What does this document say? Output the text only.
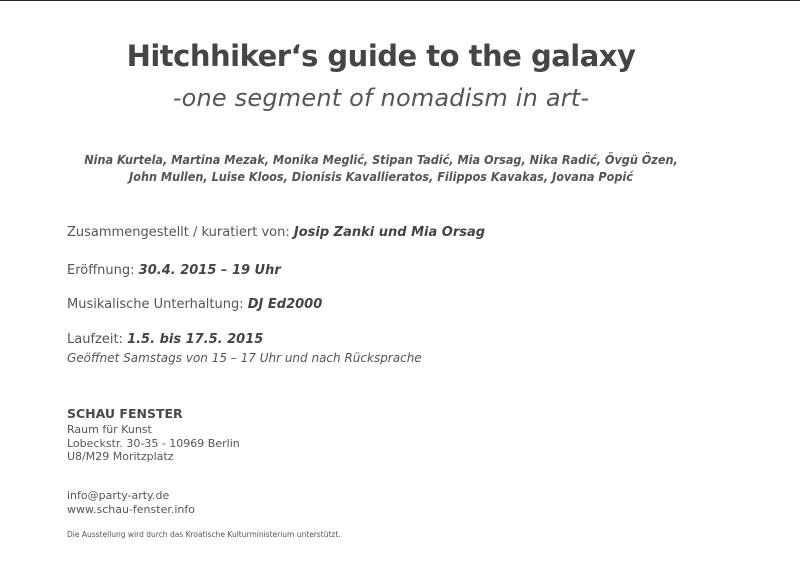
Hitchhiker‘s guide to the galaxy
-one segment of nomadism in art-
Nina Kurtela, Martina Mezak, Monika Meglić, Stipan Tadić, Mia Orsag, Nika Radić, Övgü Özen,
John Mullen, Luise Kloos, Dionisis Kavallieratos, Filippos Kavakas, Jovana Popić
Zusammengestellt / kuratiert von: Josip Zanki und Mia Orsag
Eröffnung: 30.4. 2015 – 19 Uhr
Musikalische Unterhaltung: DJ Ed2000
Laufzeit: 1.5. bis 17.5. 2015
Geöffnet Samstags von 15 – 17 Uhr und nach Rücksprache
SCHAU FENSTER
Raum für Kunst
Lobeckstr. 30-35 - 10969 Berlin
U8/M29 Moritzplatz
info@party-arty.de
www.schau-fenster.info
Die Ausstellung wird durch das Kroatische Kulturministerium unterstützt.
